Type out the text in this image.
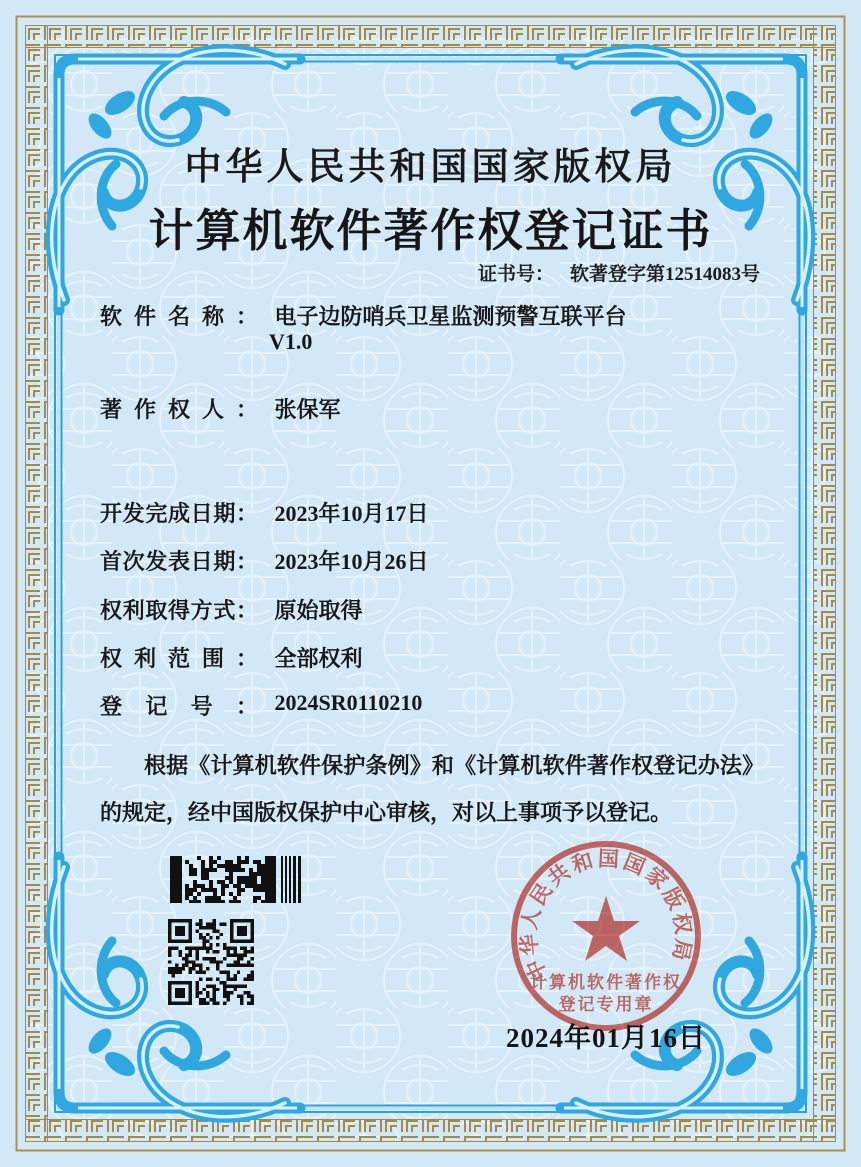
中华人民共和国国家版权局
计算机软件著作权登记证书
证书号： 软著登字第12514083号
软件名称： 电子边防哨兵卫星监测预警互联平台
V1.0
著作权人： 张保军
开发完成日期： 2023年10月17日
首次发表日期： 2023年10月26日
权利取得方式： 原始取得
权利范围： 全部权利
登记号： 2024SR0110210
根据《计算机软件保护条例》和《计算机软件著作权登记办法》的规定，经中国版权保护中心审核，对以上事项予以登记。
中华人民共和国国家版权局
计算机软件著作权
登记专用章
2024年01月16日
